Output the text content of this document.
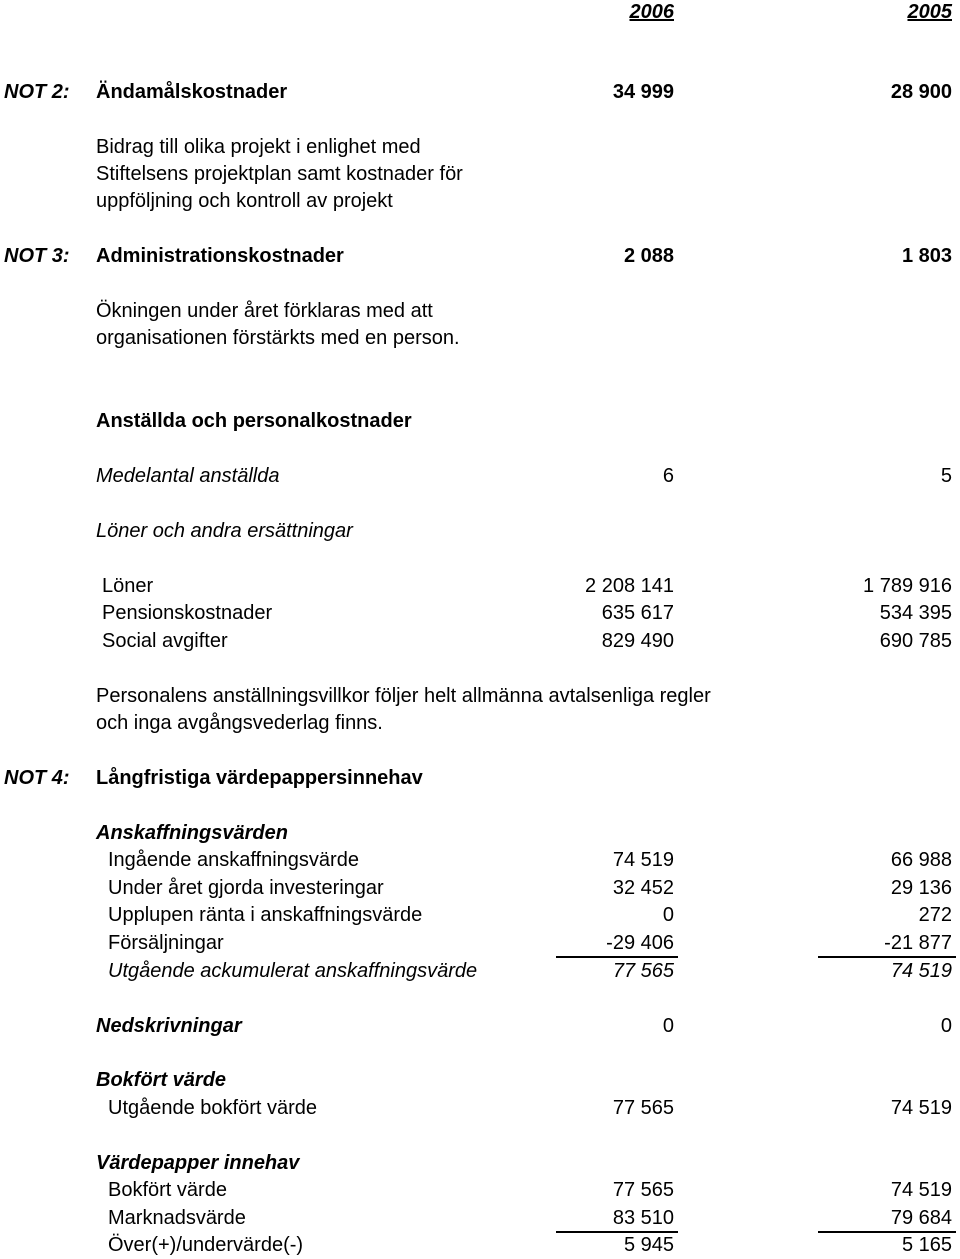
2006	2005
NOT 2: Ändamålskostnader	34 999	28 900
Bidrag till olika projekt i enlighet med
Stiftelsens projektplan samt kostnader för
uppföljning och kontroll av projekt
NOT 3: Administrationskostnader	2 088	1 803
Ökningen under året förklaras med att
organisationen förstärkts med en person.
Anställda och personalkostnader
Medelantal anställda	6	5
Löner och andra ersättningar
Löner	2 208 141	1 789 916
Pensionskostnader	635 617	534 395
Social avgifter	829 490	690 785
Personalens anställningsvillkor följer helt allmänna avtalsenliga regler
och inga avgångsvederlag finns.
NOT 4: Långfristiga värdepappersinnehav
Anskaffningsvärden
Ingående anskaffningsvärde	74 519	66 988
Under året gjorda investeringar	32 452	29 136
Upplupen ränta i anskaffningsvärde	0	272
Försäljningar	-29 406	-21 877
Utgående ackumulerat anskaffningsvärde	77 565	74 519
Nedskrivningar	0	0
Bokfört värde
Utgående bokfört värde	77 565	74 519
Värdepapper innehav
Bokfört värde	77 565	74 519
Marknadsvärde	83 510	79 684
Över(+)/undervärde(-)	5 945	5 165
